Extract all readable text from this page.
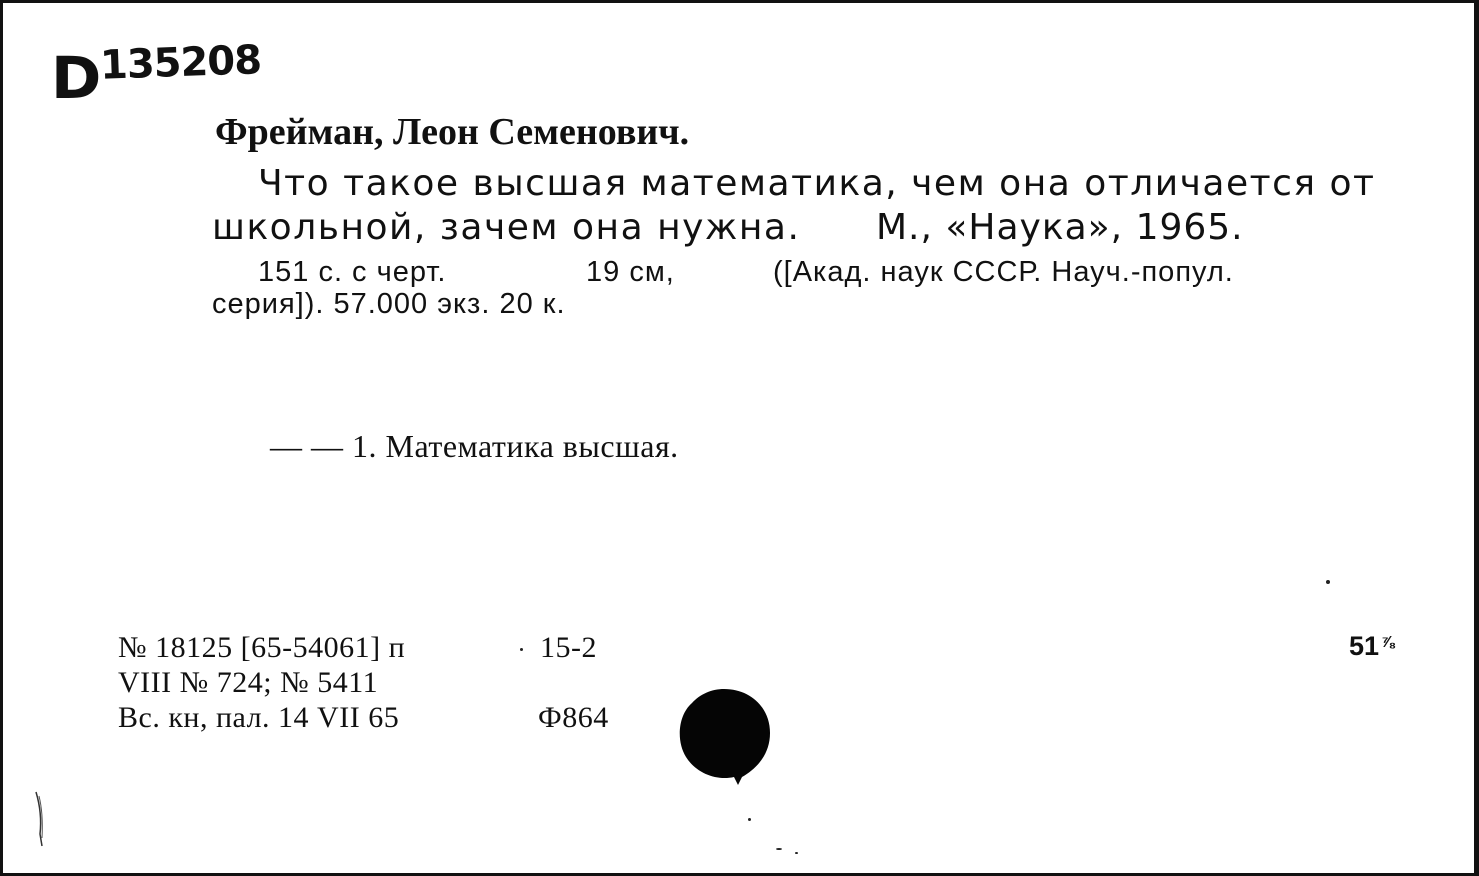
D135208
Фрейман, Леон Семенович.
Что такое высшая математика, чем она отличается от
школьной, зачем она нужна. М., «Наука», 1965.
151 с. с черт.	19 см,	([Акад. наук СССР. Науч.-попул.
серия]). 57.000 экз. 20 к.
— — 1. Математика высшая.
№ 18125 [65-54061] п	15-2
VIII № 724; № 5411
Вс. кн, пал. 14 VII 65	Ф864
51 $^{\frac{7}{8}}$
